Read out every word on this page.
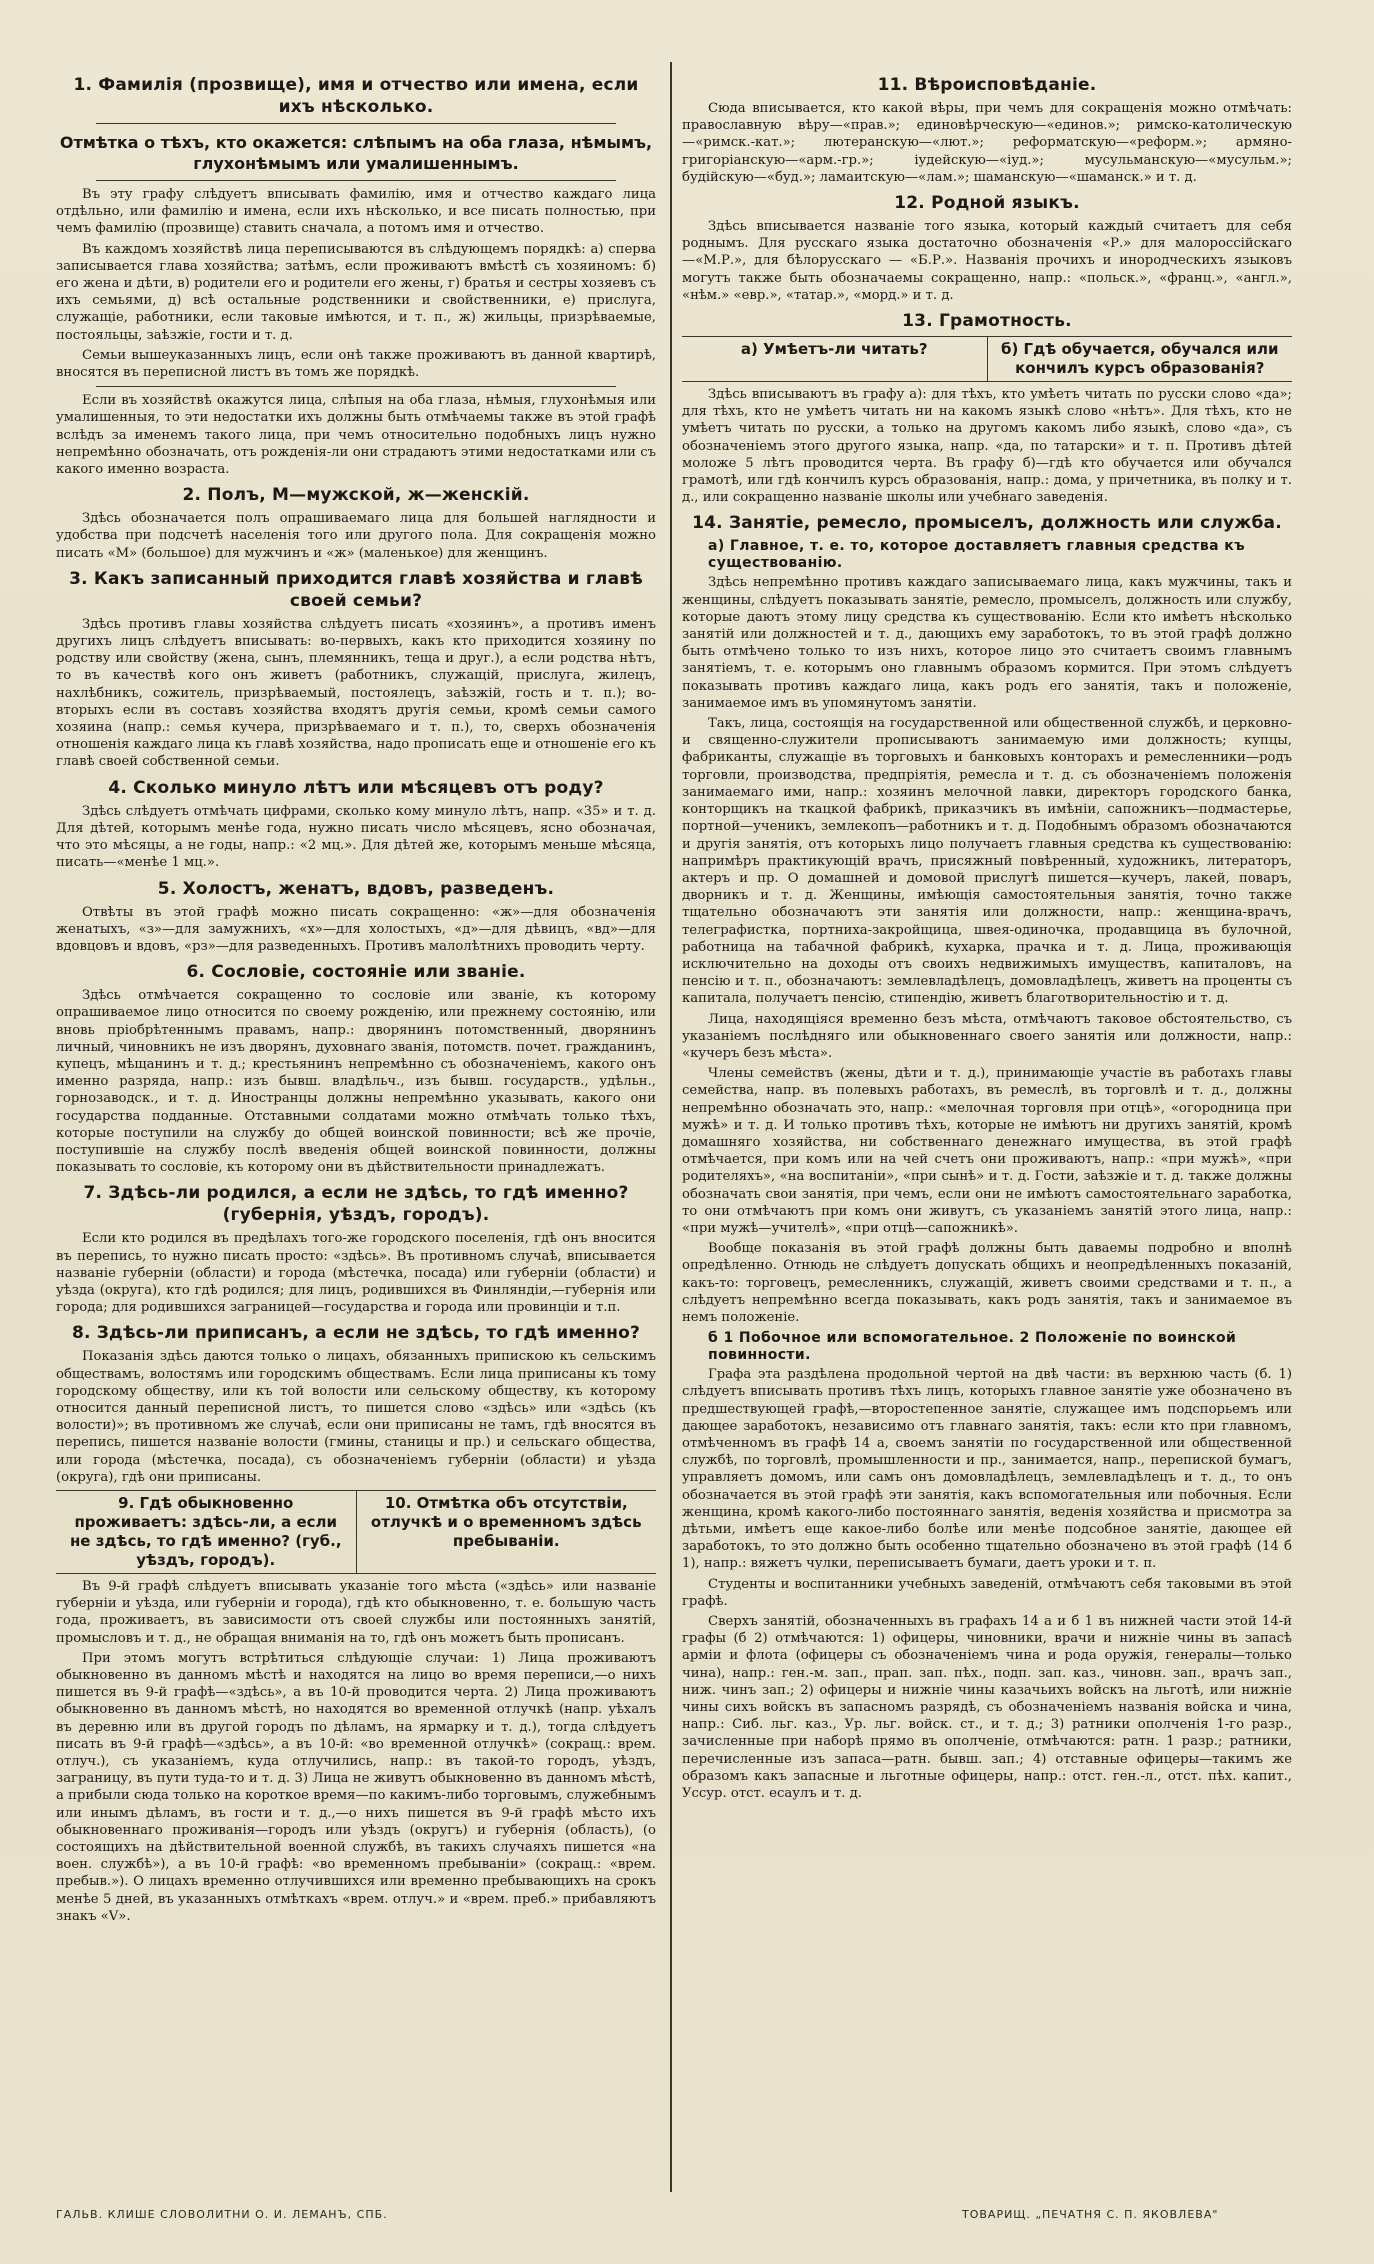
1. Фамилія (прозвище), имя и отчество или имена, если ихъ нѣсколько.
Отмѣтка о тѣхъ, кто окажется: слѣпымъ на оба глаза, нѣмымъ, глухонѣмымъ или умалишеннымъ.

Въ эту графу слѣдуетъ вписывать фамилію, имя и отчество каждаго лица отдѣльно, или фамилію и имена, если ихъ нѣсколько, и все писать полностью, при чемъ фамилію (прозвище) ставить сначала, а потомъ имя и отчество.

Въ каждомъ хозяйствѣ лица переписываются въ слѣдующемъ порядкѣ: а) сперва записывается глава хозяйства; затѣмъ, если проживаютъ вмѣстѣ съ хозяиномъ: б) его жена и дѣти, в) родители его и родители его жены, г) братья и сестры хозяевъ съ ихъ семьями, д) всѣ остальные родственники и свойственники, е) прислуга, служащіе, работники, если таковые имѣются, и т. п., ж) жильцы, призрѣваемые, постояльцы, заѣзжіе, гости и т. д.

Семьи вышеуказанныхъ лицъ, если онѣ также проживаютъ въ данной квартирѣ, вносятся въ переписной листъ въ томъ же порядкѣ.

Если въ хозяйствѣ окажутся лица, слѣпыя на оба глаза, нѣмыя, глухонѣмыя или умалишенныя, то эти недостатки ихъ должны быть отмѣчаемы также въ этой графѣ вслѣдъ за именемъ такого лица, при чемъ относительно подобныхъ лицъ нужно непремѣнно обозначать, отъ рожденія-ли они страдаютъ этими недостатками или съ какого именно возраста.

2. Полъ, М—мужской, ж—женскій.

Здѣсь обозначается полъ опрашиваемаго лица для большей наглядности и удобства при подсчетѣ населенія того или другого пола. Для сокращенія можно писать «М» (большое) для мужчинъ и «ж» (маленькое) для женщинъ.

3. Какъ записанный приходится главѣ хозяйства и главѣ своей семьи?

Здѣсь противъ главы хозяйства слѣдуетъ писать «хозяинъ», а противъ именъ другихъ лицъ слѣдуетъ вписывать: во-первыхъ, какъ кто приходится хозяину по родству или свойству (жена, сынъ, племянникъ, теща и друг.), а если родства нѣтъ, то въ качествѣ кого онъ живетъ (работникъ, служащій, прислуга, жилецъ, нахлѣбникъ, сожитель, призрѣваемый, постоялецъ, заѣзжій, гость и т. п.); во-вторыхъ если въ составъ хозяйства входятъ другія семьи, кромѣ семьи самого хозяина (напр.: семья кучера, призрѣваемаго и т. п.), то, сверхъ обозначенія отношенія каждаго лица къ главѣ хозяйства, надо прописать еще и отношеніе его къ главѣ своей собственной семьи.

4. Сколько минуло лѣтъ или мѣсяцевъ отъ роду?

Здѣсь слѣдуетъ отмѣчать цифрами, сколько кому минуло лѣтъ, напр. «35» и т. д. Для дѣтей, которымъ менѣе года, нужно писать число мѣсяцевъ, ясно обозначая, что это мѣсяцы, а не годы, напр.: «2 мц.». Для дѣтей же, которымъ меньше мѣсяца, писать—«менѣе 1 мц.».

5. Холостъ, женатъ, вдовъ, разведенъ.

Отвѣты въ этой графѣ можно писать сокращенно: «ж»—для обозначенія женатыхъ, «з»—для замужнихъ, «х»—для холостыхъ, «д»—для дѣвицъ, «вд»—для вдовцовъ и вдовъ, «рз»—для разведенныхъ. Противъ малолѣтнихъ проводить черту.

6. Сословіе, состояніе или званіе.

Здѣсь отмѣчается сокращенно то сословіе или званіе, къ которому опрашиваемое лицо относится по своему рожденію, или прежнему состоянію, или вновь пріобрѣтеннымъ правамъ, напр.: дворянинъ потомственный, дворянинъ личный, чиновникъ не изъ дворянъ, духовнаго званія, потомств. почет. гражданинъ, купецъ, мѣщанинъ и т. д.; крестьянинъ непремѣнно съ обозначеніемъ, какого онъ именно разряда, напр.: изъ бывш. владѣльч., изъ бывш. государств., удѣльн., горнозаводск., и т. д. Иностранцы должны непремѣнно указывать, какого они государства подданные. Отставными солдатами можно отмѣчать только тѣхъ, которые поступили на службу до общей воинской повинности; всѣ же прочіе, поступившіе на службу послѣ введенія общей воинской повинности, должны показывать то сословіе, къ которому они въ дѣйствительности принадлежатъ.

7. Здѣсь-ли родился, а если не здѣсь, то гдѣ именно? (губернія, уѣздъ, городъ).

Если кто родился въ предѣлахъ того-же городского поселенія, гдѣ онъ вносится въ перепись, то нужно писать просто: «здѣсь». Въ противномъ случаѣ, вписывается названіе губерніи (области) и города (мѣстечка, посада) или губерніи (области) и уѣзда (округа), кто гдѣ родился; для лицъ, родившихся въ Финляндіи,—губернія или города; для родившихся заграницей—государства и города или провинціи и т.п.

8. Здѣсь-ли приписанъ, а если не здѣсь, то гдѣ именно?

Показанія здѣсь даются только о лицахъ, обязанныхъ припискою къ сельскимъ обществамъ, волостямъ или городскимъ обществамъ. Если лица приписаны къ тому городскому обществу, или къ той волости или сельскому обществу, къ которому относится данный переписной листъ, то пишется слово «здѣсь» или «здѣсь (къ волости)»; въ противномъ же случаѣ, если они приписаны не тамъ, гдѣ вносятся въ перепись, пишется названіе волости (гмины, станицы и пр.) и сельскаго общества, или города (мѣстечка, посада), съ обозначеніемъ губерніи (области) и уѣзда (округа), гдѣ они приписаны.

9. Гдѣ обыкновенно проживаетъ: здѣсь-ли, а если не здѣсь, то гдѣ именно? (губ., уѣздъ, городъ).
10. Отмѣтка объ отсутствіи, отлучкѣ и о временномъ здѣсь пребываніи.

Въ 9-й графѣ слѣдуетъ вписывать указаніе того мѣста («здѣсь» или названіе губерніи и уѣзда, или губерніи и города), гдѣ кто обыкновенно, т. е. большую часть года, проживаетъ, въ зависимости отъ своей службы или постоянныхъ занятій, промысловъ и т. д., не обращая вниманія на то, гдѣ онъ можетъ быть прописанъ.

При этомъ могутъ встрѣтиться слѣдующіе случаи: 1) Лица проживаютъ обыкновенно въ данномъ мѣстѣ и находятся на лицо во время переписи,—о нихъ пишется въ 9-й графѣ—«здѣсь», а въ 10-й проводится черта. 2) Лица проживаютъ обыкновенно въ данномъ мѣстѣ, но находятся во временной отлучкѣ (напр. уѣхалъ въ деревню или въ другой городъ по дѣламъ, на ярмарку и т. д.), тогда слѣдуетъ писать въ 9-й графѣ—«здѣсь», а въ 10-й: «во временной отлучкѣ» (сокращ.: врем. отлуч.), съ указаніемъ, куда отлучились, напр.: въ такой-то городъ, уѣздъ, заграницу, въ пути туда-то и т. д. 3) Лица не живутъ обыкновенно въ данномъ мѣстѣ, а прибыли сюда только на короткое время—по какимъ-либо торговымъ, служебнымъ или инымъ дѣламъ, въ гости и т. д.,—о нихъ пишется въ 9-й графѣ мѣсто ихъ обыкновеннаго проживанія—городъ или уѣздъ (округъ) и губернія (область), (о состоящихъ на дѣйствительной военной службѣ, въ такихъ случаяхъ пишется «на воен. службѣ»), а въ 10-й графѣ: «во временномъ пребываніи» (сокращ.: «врем. пребыв.»). О лицахъ временно отлучившихся или временно пребывающихъ на срокъ менѣе 5 дней, въ указанныхъ отмѣткахъ «врем. отлуч.» и «врем. преб.» прибавляютъ знакъ «V».

11. Вѣроисповѣданіе.

Сюда вписывается, кто какой вѣры, при чемъ для сокращенія можно отмѣчать: православную вѣру—«прав.»; единовѣрческую—«единов.»; римско-католическую—«римск.-кат.»; лютеранскую—«лют.»; реформатскую—«реформ.»; армяно-григоріанскую—«арм.-гр.»; іудейскую—«іуд.»; мусульманскую—«мусульм.»; будійскую—«буд.»; ламаитскую—«лам.»; шаманскую—«шаманск.» и т. д.

12. Родной языкъ.

Здѣсь вписывается названіе того языка, который каждый считаетъ для себя роднымъ. Для русскаго языка достаточно обозначенія «Р.» для малороссійскаго—«М.Р.», для бѣлорусскаго — «Б.Р.». Названія прочихъ и инородческихъ языковъ могутъ также быть обозначаемы сокращенно, напр.: «польск.», «франц.», «англ.», «нѣм.» «евр.», «татар.», «морд.» и т. д.

13. Грамотность.
а) Умѣетъ-ли читать?	б) Гдѣ обучается, обучался или кончилъ курсъ образованія?

Здѣсь вписываютъ въ графу а): для тѣхъ, кто умѣетъ читать по русски слово «да»; для тѣхъ, кто не умѣетъ читать ни на какомъ языкѣ слово «нѣтъ». Для тѣхъ, кто не умѣетъ читать по русски, а только на другомъ какомъ либо языкѣ, слово «да», съ обозначеніемъ этого другого языка, напр. «да, по татарски» и т. п. Противъ дѣтей моложе 5 лѣтъ проводится черта. Въ графу б)—гдѣ кто обучается или обучался грамотѣ, или гдѣ кончилъ курсъ образованія, напр.: дома, у причетника, въ полку и т. д., или сокращенно названіе школы или учебнаго заведенія.

14. Занятіе, ремесло, промыселъ, должность или служба.
а) Главное, т. е. то, которое доставляетъ главныя средства къ существованію.

Здѣсь непремѣнно противъ каждаго записываемаго лица, какъ мужчины, такъ и женщины, слѣдуетъ показывать занятіе, ремесло, промыселъ, должность или службу, которые даютъ этому лицу средства къ существованію. Если кто имѣетъ нѣсколько занятій или должностей и т. д., дающихъ ему заработокъ, то въ этой графѣ должно быть отмѣчено только то изъ нихъ, которое лицо это считаетъ своимъ главнымъ занятіемъ, т. е. которымъ оно главнымъ образомъ кормится. При этомъ слѣдуетъ показывать противъ каждаго лица, какъ родъ его занятія, такъ и положеніе, занимаемое имъ въ упомянутомъ занятіи.

Такъ, лица, состоящія на государственной или общественной службѣ, и церковно-и священно-служители прописываютъ занимаемую ими должность; купцы, фабриканты, служащіе въ торговыхъ и банковыхъ конторахъ и ремесленники—родъ торговли, производства, предпріятія, ремесла и т. д. съ обозначеніемъ положенія занимаемаго ими, напр.: хозяинъ мелочной лавки, директоръ городского банка, конторщикъ на ткацкой фабрикѣ, приказчикъ въ имѣніи, сапожникъ—подмастерье, портной—ученикъ, землекопъ—работникъ и т. д. Подобнымъ образомъ обозначаются и другія занятія, отъ которыхъ лицо получаетъ главныя средства къ существованію: напримѣръ практикующій врачъ, присяжный повѣренный, художникъ, литераторъ, актеръ и пр. О домашней и домовой прислугѣ пишется—кучеръ, лакей, поваръ, дворникъ и т. д. Женщины, имѣющія самостоятельныя занятія, точно также тщательно обозначаютъ эти занятія или должности, напр.: женщина-врачъ, телеграфистка, портниха-закройщица, швея-одиночка, продавщица въ булочной, работница на табачной фабрикѣ, кухарка, прачка и т. д. Лица, проживающія исключительно на доходы отъ своихъ недвижимыхъ имуществъ, капиталовъ, на пенсію и т. п., обозначаютъ: землевладѣлецъ, домовладѣлецъ, живетъ на проценты съ капитала, получаетъ пенсію, стипендію, живетъ благотворительностію и т. д.

Лица, находящіяся временно безъ мѣста, отмѣчаютъ таковое обстоятельство, съ указаніемъ послѣдняго или обыкновеннаго своего занятія или должности, напр.: «кучеръ безъ мѣста».

Члены семействъ (жены, дѣти и т. д.), принимающіе участіе въ работахъ главы семейства, напр. въ полевыхъ работахъ, въ ремеслѣ, въ торговлѣ и т. д., должны непремѣнно обозначать это, напр.: «мелочная торговля при отцѣ», «огородница при мужѣ» и т. д. И только противъ тѣхъ, которые не имѣютъ ни другихъ занятій, кромѣ домашняго хозяйства, ни собственнаго денежнаго имущества, въ этой графѣ отмѣчается, при комъ или на чей счетъ они проживаютъ, напр.: «при мужѣ», «при родителяхъ», «на воспитаніи», «при сынѣ» и т. д. Гости, заѣзжіе и т. д. также должны обозначать свои занятія, при чемъ, если они не имѣютъ самостоятельнаго заработка, то они отмѣчаютъ при комъ они живутъ, съ указаніемъ занятій этого лица, напр.: «при мужѣ—учителѣ», «при отцѣ—сапожникѣ».

Вообще показанія въ этой графѣ должны быть даваемы подробно и вполнѣ опредѣленно. Отнюдь не слѣдуетъ допускать общихъ и неопредѣленныхъ показаній, какъ-то: торговецъ, ремесленникъ, служащій, живетъ своими средствами и т. п., а слѣдуетъ непремѣнно всегда показывать, какъ родъ занятія, такъ и занимаемое въ немъ положеніе.

б 1 Побочное или вспомогательное. 2 Положеніе по воинской повинности.

Графа эта раздѣлена продольной чертой на двѣ части: въ верхнюю часть (б. 1) слѣдуетъ вписывать противъ тѣхъ лицъ, которыхъ главное занятіе уже обозначено въ предшествующей графѣ,—второстепенное занятіе, служащее имъ подспорьемъ или дающее заработокъ, независимо отъ главнаго занятія, такъ: если кто при главномъ, отмѣченномъ въ графѣ 14 а, своемъ занятіи по государственной или общественной службѣ, по торговлѣ, промышленности и пр., занимается, напр., перепиской бумагъ, управляетъ домомъ, или самъ онъ домовладѣлецъ, землевладѣлецъ и т. д., то онъ обозначается въ этой графѣ эти занятія, какъ вспомогательныя или побочныя. Если женщина, кромѣ какого-либо постояннаго занятія, веденія хозяйства и присмотра за дѣтьми, имѣетъ еще какое-либо болѣе или менѣе подсобное занятіе, дающее ей заработокъ, то это должно быть особенно тщательно обозначено въ этой графѣ (14 б 1), напр.: вяжетъ чулки, переписываетъ бумаги, даетъ уроки и т. п.

Студенты и воспитанники учебныхъ заведеній, отмѣчаютъ себя таковыми въ этой графѣ.

Сверхъ занятій, обозначенныхъ въ графахъ 14 а и б 1 въ нижней части этой 14-й графы (б 2) отмѣчаются: 1) офицеры, чиновники, врачи и нижніе чины въ запасѣ арміи и флота (офицеры съ обозначеніемъ чина и рода оружія, генералы—только чина), напр.: ген.-м. зап., прап. зап. пѣх., подп. зап. каз., чиновн. зап., врачъ зап., ниж. чинъ зап.; 2) офицеры и нижніе чины казачьихъ войскъ на льготѣ, или нижніе чины сихъ войскъ въ запасномъ разрядѣ, съ обозначеніемъ названія войска и чина, напр.: Сиб. льг. каз., Ур. льг. войск. ст., и т. д.; 3) ратники ополченія 1-го разр., зачисленные при наборѣ прямо въ ополченіе, отмѣчаются: ратн. 1 разр.; ратники, перечисленные изъ запаса—ратн. бывш. зап.; 4) отставные офицеры—такимъ же образомъ какъ запасные и льготные офицеры, напр.: отст. ген.-л., отст. пѣх. капит., Уссур. отст. есаулъ и т. д.

ГАЛЬВ. КЛИШЕ СЛОВОЛИТНИ О. И. ЛЕМАНЪ, СПБ.	ТОВАРИЩ. „ПЕЧАТНЯ С. П. ЯКОВЛЕВА"
